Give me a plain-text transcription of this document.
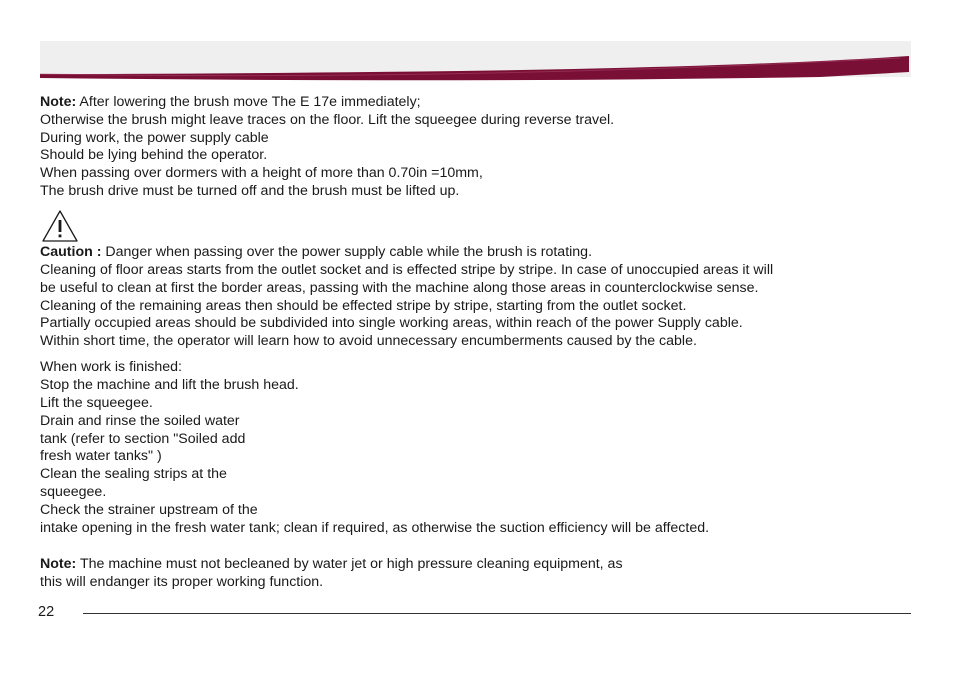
Note: After lowering the brush move The E 17e immediately;
Otherwise the brush might leave traces on the floor. Lift the squeegee during reverse travel.
During work, the power supply cable
Should be lying behind the operator.
When passing over dormers with a height of more than 0.70in =10mm,
The brush drive must be turned off and the brush must be lifted up.
Caution : Danger when passing over the power supply cable while the brush is rotating.
Cleaning of floor areas starts from the outlet socket and is effected stripe by stripe. In case of unoccupied areas it will
be useful to clean at first the border areas, passing with the machine along those areas in counterclockwise sense.
Cleaning of the remaining areas then should be effected stripe by stripe, starting from the outlet socket.
Partially occupied areas should be subdivided into single working areas, within reach of the power Supply cable.
Within short time, the operator will learn how to avoid unnecessary encumberments caused by the cable.
When work is finished:
Stop the machine and lift the brush head.
Lift the squeegee.
Drain and rinse the soiled water
tank (refer to section "Soiled add
fresh water tanks" )
Clean the sealing strips at the
squeegee.
Check the strainer upstream of the
intake opening in the fresh water tank; clean if required, as otherwise the suction efficiency will be affected.
Note: The machine must not becleaned by water jet or high pressure cleaning equipment, as
this will endanger its proper working function.
22
